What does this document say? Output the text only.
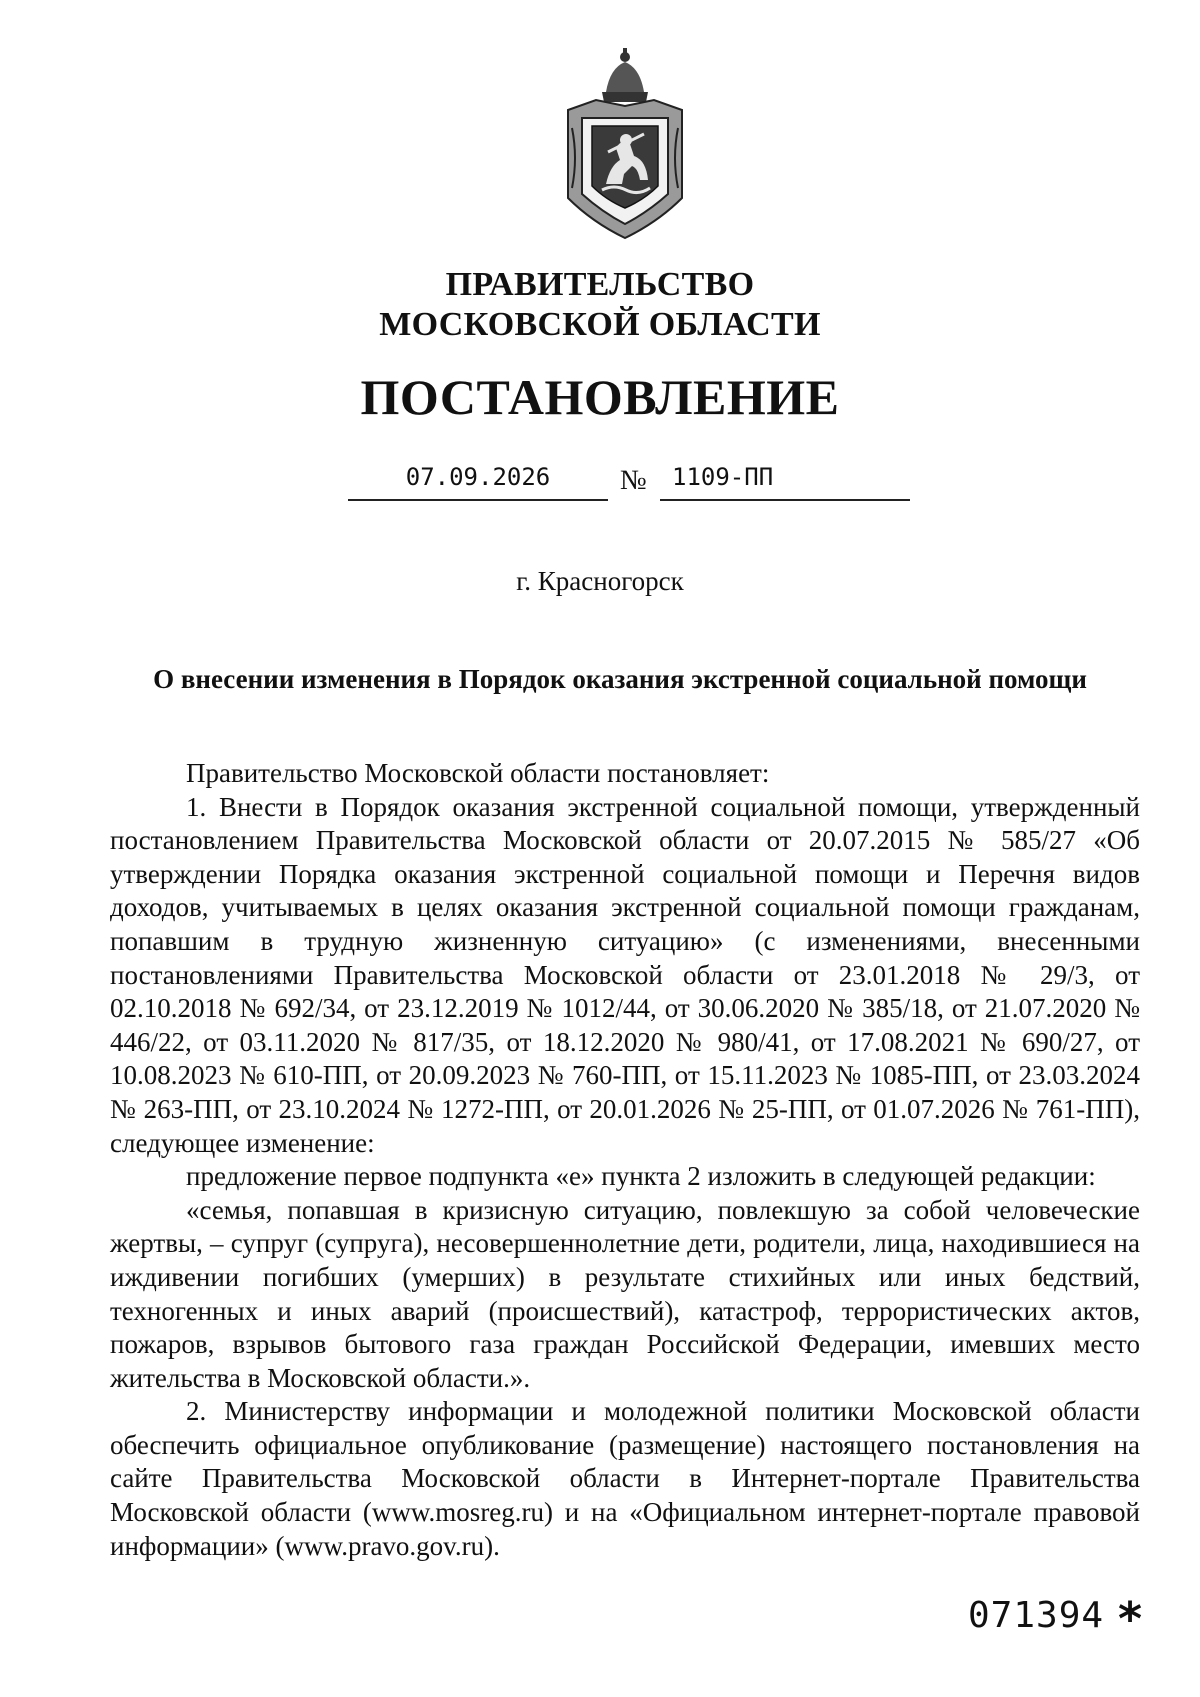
ПРАВИТЕЛЬСТВО
МОСКОВСКОЙ ОБЛАСТИ
ПОСТАНОВЛЕНИЕ
07.09.2026	№	1109-ПП
г. Красногорск
О внесении изменения в Порядок оказания экстренной социальной помощи

Правительство Московской области постановляет:

1. Внести в Порядок оказания экстренной социальной помощи, утвержденный постановлением Правительства Московской области от 20.07.2015 № 585/27 «Об утверждении Порядка оказания экстренной социальной помощи и Перечня видов доходов, учитываемых в целях оказания экстренной социальной помощи гражданам, попавшим в трудную жизненную ситуацию» (с изменениями, внесенными постановлениями Правительства Московской области от 23.01.2018 № 29/3, от 02.10.2018 № 692/34, от 23.12.2019 № 1012/44, от 30.06.2020 № 385/18, от 21.07.2020 № 446/22, от 03.11.2020 № 817/35, от 18.12.2020 № 980/41, от 17.08.2021 № 690/27, от 10.08.2023 № 610-ПП, от 20.09.2023 № 760-ПП, от 15.11.2023 № 1085-ПП, от 23.03.2024 № 263-ПП, от 23.10.2024 № 1272-ПП, от 20.01.2026 № 25-ПП, от 01.07.2026 № 761-ПП), следующее изменение:

предложение первое подпункта «е» пункта 2 изложить в следующей редакции:

«семья, попавшая в кризисную ситуацию, повлекшую за собой человеческие жертвы, – супруг (супруга), несовершеннолетние дети, родители, лица, находившиеся на иждивении погибших (умерших) в результате стихийных или иных бедствий, техногенных и иных аварий (происшествий), катастроф, террористических актов, пожаров, взрывов бытового газа граждан Российской Федерации, имевших место жительства в Московской области.».

2. Министерству информации и молодежной политики Московской области обеспечить официальное опубликование (размещение) настоящего постановления на сайте Правительства Московской области в Интернет-портале Правительства Московской области (www.mosreg.ru) и на «Официальном интернет-портале правовой информации» (www.pravo.gov.ru).

071394 *
